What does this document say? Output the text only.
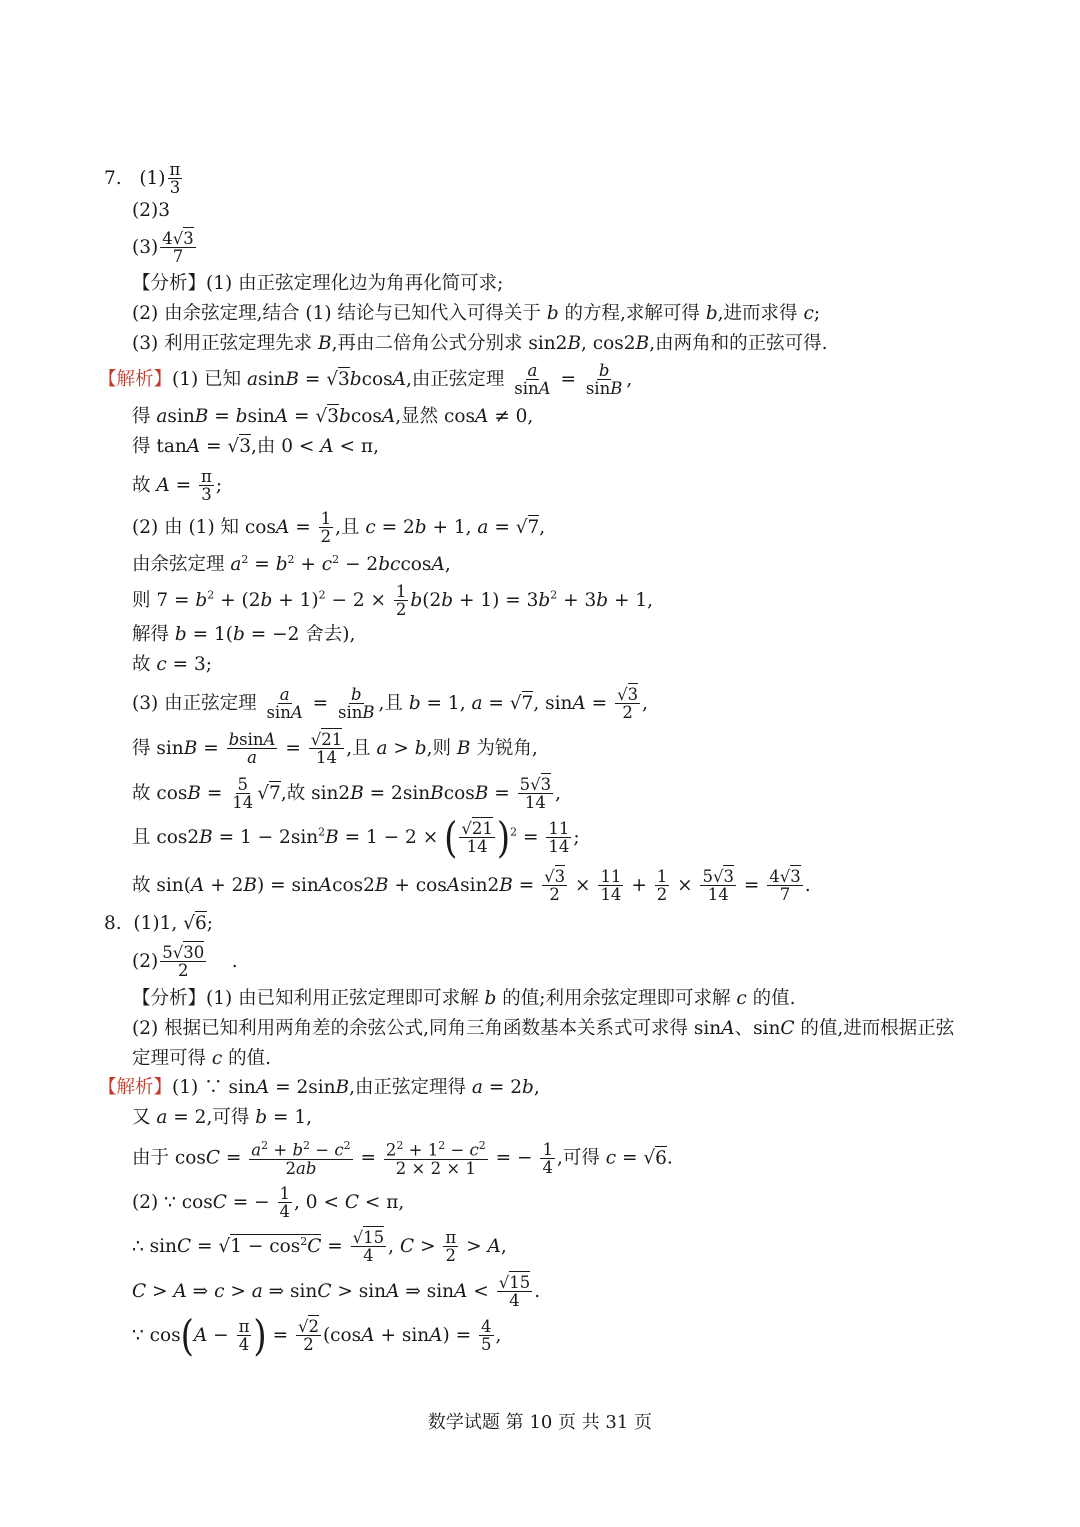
7. $(1) \frac{\pi}{3}$
(2)3
$(3) \frac{4√3}{7}$
【分析】(1) 由正弦定理化边为角再化简可求;
(2) 由余弦定理,结合 (1) 结论与已知代入可得关于 b 的方程,求解可得 b,进而求得 c;
(3) 利用正弦定理先求 B,再由二倍角公式分别求 sin2B, cos2B,由两角和的正弦可得.
【解析】(1) 已知 asinB = √3bcosA,由正弦定理 $\frac{a}{\sin A} = \frac{b}{\sin B}$ ,
得 asinB = bsinA = √3bcosA,显然 cosA ≠ 0,
得 tanA = √3,由 0 < A < π,
故 $A = \frac{\pi}{3}$ ;
(2) 由 (1) 知 $\cos A = \frac{1}{2}$ ,且 c = 2b + 1, a = √7,
由余弦定理 $a^2 = b^2 + c^2 - 2bccosA$,
则 $7 = b^2 + (2b + 1)^2 - 2 \times \frac{1}{2} b(2b + 1) = 3b^2 + 3b + 1$,
解得 b = 1(b = −2 舍去),
故 c = 3;
(3) 由正弦定理 $\frac{a}{\sin A} = \frac{b}{\sin B}$ ,且 b = 1, a = √7, $\sin A = \frac{√3}{2}$ ,
得 $\sin B = \frac{bsinA}{a} = \frac{√21}{14}$ ,且 a > b,则 B 为锐角,
故 $\cos B = \frac{5}{14} √7$,故 sin2B = 2sinBcosB = $\frac{5√3}{14}$ ,
且 $\cos 2B = 1 - 2\sin^2B = 1 - 2$ × ( $\frac{√21}{14} )^2 = \frac{11}{14}$ ;
故 sin(A + 2B) = sinAcos2B + cosAsin2B = $\frac{√3}{2} \times \frac{11}{14} + \frac{1}{2} \times \frac{5√3}{14} = \frac{4√3}{7}$ .
8.  (1)1, √6;
$(2) \frac{5√30}{2}$ .
【分析】(1) 由已知利用正弦定理即可求解 b 的值;利用余弦定理即可求解 c 的值.
(2) 根据已知利用两角差的余弦公式,同角三角函数基本关系式可求得 sinA、sinC 的值,进而根据正弦
定理可得 c 的值.
【解析】(1) ∵ sinA = 2sinB,由正弦定理得 a = 2b,
又 a = 2,可得 b = 1,
由于 $\cos C = \frac{a^2 + b^2 - c^2}{2ab} = \frac{2^2 + 1^2 - c^2}{2 \times 2 \times 1}$ = − $\frac{1}{4}$ ,可得 c = √6.
(2) ∵ cosC = − $\frac{1}{4}$ , 0 < C < π,
∴ $\sin C = √1 - \cos^2C = \frac{√15}{4}$ , $C > \frac{\pi}{2} > A$,
C > A ⇒ c > a ⇒ sinC > sinA ⇒ $\sin A < \frac{√15}{4}$ .
∵ $\cos(A - \frac{\pi}{4}$ ) = $\frac{√2}{2} (\cos A + \sin A) = \frac{4}{5}$ ,
数学试题 第 10 页 共 31 页
